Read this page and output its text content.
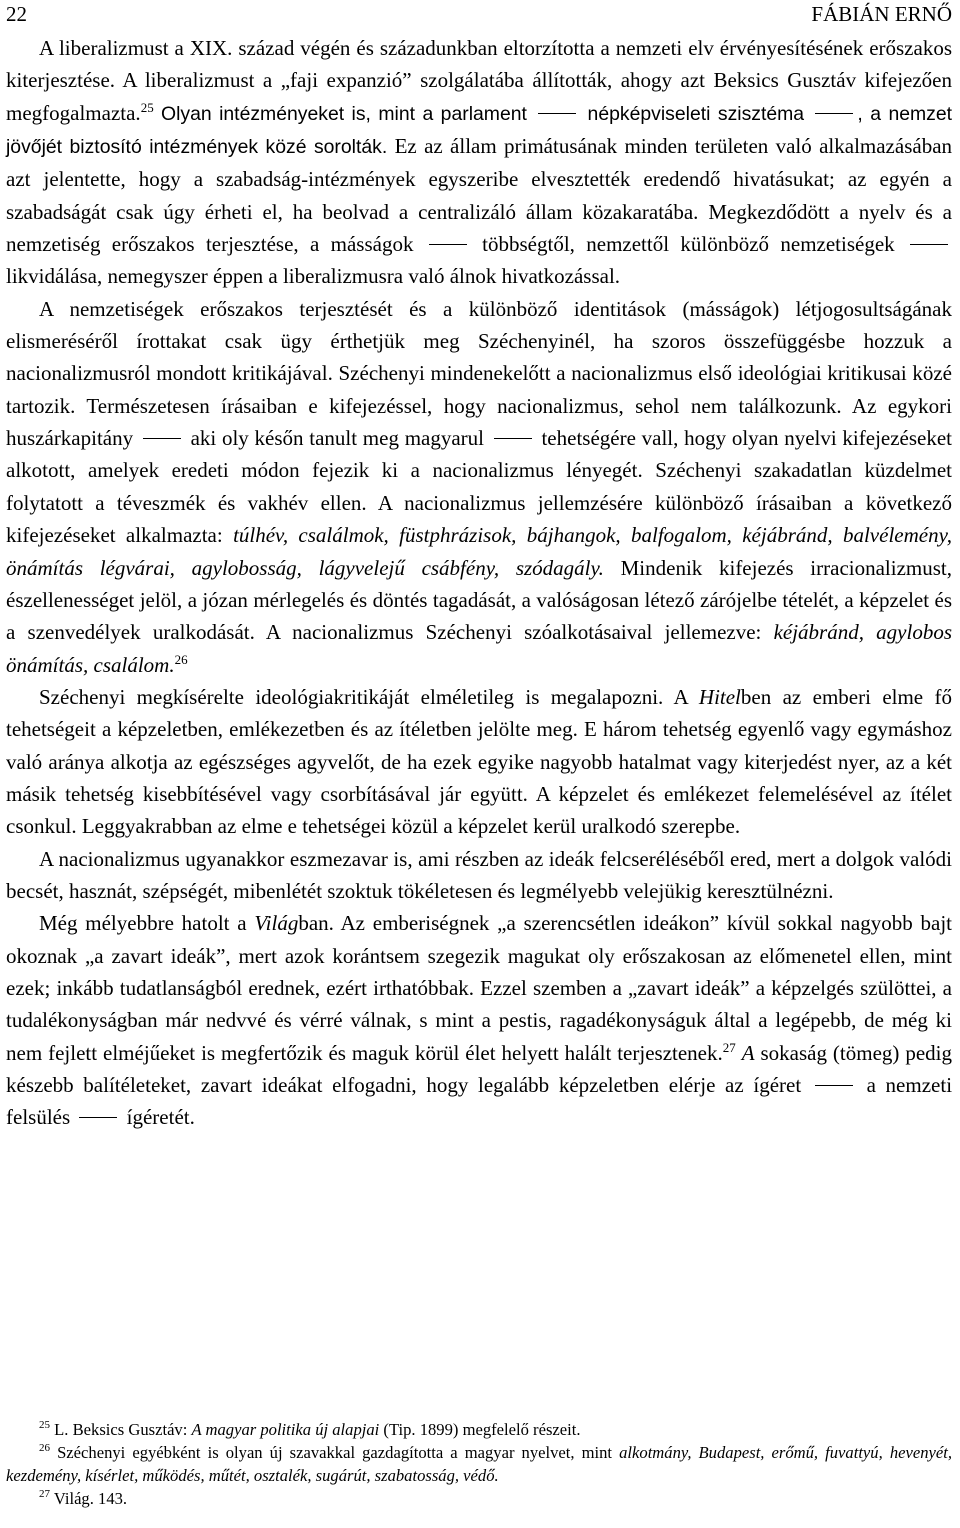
22	FÁBIÁN ERNŐ

A liberalizmust a XIX. század végén és századunkban eltorzította a nemzeti elv érvényesítésének erőszakos kiterjesztése. A liberalizmust a „faji expanzió” szolgálatába állították, ahogy azt Beksics Gusztáv kifejezően megfogalmazta.$^{25}$ Olyan intézményeket is, mint a parlament	népképviseleti szisztéma	, a nemzet jövőjét biztosító intézmények közé sorolták. Ez az állam primátusának minden területen való alkalmazásában azt jelentette, hogy a szabadság-intézmények egyszeribe elvesztették eredendő hivatásukat; az egyén a szabadságát csak úgy érheti el, ha beolvad a centralizáló állam közakaratába. Megkezdődött a nyelv és a nemzetiség erőszakos terjesztése, a másságok	többségtől, nemzettől különböző nemzetiségek  likvidálása, nemegyszer éppen a liberalizmusra való álnok hivatkozással.

A nemzetiségek erőszakos terjesztését és a különböző identitások (másságok) létjogosultságának elismeréséről írottakat csak ügy érthetjük meg Széchenyinél, ha szoros összefüggésbe hozzuk a nacionalizmusról mondott kritikájával. Széchenyi mindenekelőtt a nacionalizmus első ideológiai kritikusai közé tartozik. Természetesen írásaiban e kifejezéssel, hogy nacionalizmus, sehol nem találkozunk. Az egykori huszárkapitány	aki oly későn tanult meg magyarul	tehetségére vall, hogy olyan nyelvi kifejezéseket alkotott, amelyek eredeti módon fejezik ki a nacionalizmus lényegét. Széchenyi szakadatlan küzdelmet folytatott a téveszmék és vakhév ellen. A nacionalizmus jellemzésére különböző írásaiban a következő kifejezéseket alkalmazta: túlhév, csalálmok, füstphrázisok, bájhangok, balfogalom, kéjábránd, balvélemény, önámítás légvárai, agylobosság, lágyvelejű csábfény, szódagály. Mindenik kifejezés irracionalizmust, észellenességet jelöl, a józan mérlegelés és döntés tagadását, a valóságosan létező zárójelbe tételét, a képzelet és a szenvedélyek uralkodását. A nacionalizmus Széchenyi szóalkotásaival jellemezve: kéjábránd, agylobos önámítás, csalálom.$^{26}$

Széchenyi megkísérelte ideológiakritikáját elméletileg is megalapozni. A Hitelben az emberi elme fő tehetségeit a képzeletben, emlékezetben és az ítéletben jelölte meg. E három tehetség egyenlő vagy egymáshoz való aránya alkotja az egészséges agyvelőt, de ha ezek egyike nagyobb hatalmat vagy kiterjedést nyer, az a két másik tehetség kisebbítésével vagy csorbításával jár együtt. A képzelet és emlékezet felemelésével az ítélet csonkul. Leggyakrabban az elme e tehetségei közül a képzelet kerül uralkodó szerepbe.

A nacionalizmus ugyanakkor eszmezavar is, ami részben az ideák felcseréléséből ered, mert a dolgok valódi becsét, hasznát, szépségét, mibenlétét szoktuk tökéletesen és legmélyebb velejükig keresztülnézni.

Még mélyebbre hatolt a Világban. Az emberiségnek „a szerencsétlen ideákon” kívül sokkal nagyobb bajt okoznak „a zavart ideák”, mert azok korántsem szegezik magukat oly erőszakosan az előmenetel ellen, mint ezek; inkább tudatlanságból erednek, ezért irthatóbbak. Ezzel szemben a „zavart ideák” a képzelgés szülöttei, a tudalékonyságban már nedvvé és vérré válnak, s mint a pestis, ragadékonyságuk által a legépebb, de még ki nem fejlett elméjűeket is megfertőzik és maguk körül élet helyett halált terjesztenek.$^{27}$ A sokaság (tömeg) pedig készebb balítéleteket, zavart ideákat elfogadni, hogy legalább képzeletben elérje az ígéret	a nemzeti felsülés	ígéretét.

$^{25}$ L. Beksics Gusztáv: A magyar politika új alapjai (Tip. 1899) megfelelő részeit.

$^{26}$ Széchenyi egyébként is olyan új szavakkal gazdagította a magyar nyelvet, mint alkotmány, Budapest, erőmű, fuvattyú, hevenyét, kezdemény, kísérlet, működés, műtét, osztalék, sugárút, szabatosság, védő.

$^{27}$ Világ. 143.
